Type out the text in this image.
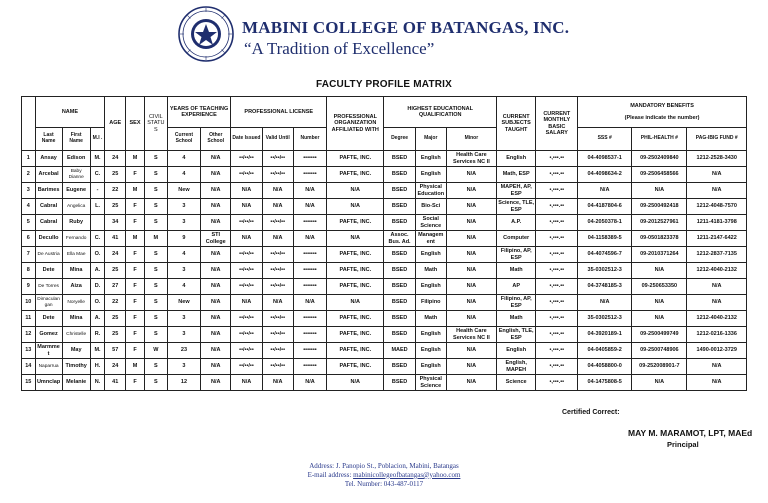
MABINI COLLEGE OF BATANGAS, INC.
“A Tradition of Excellence”
FACULTY PROFILE MATRIX
	NAME			AGE	SEX	CIVIL STATUS	YEARS OF TEACHING EXPERIENCE		PROFESSIONAL LICENSE			PROFESSIONAL ORGANIZATION AFFILIATED WITH	HIGHEST EDUCATIONAL QUALIFICATION			CURRENT SUBJECTS TAUGHT	CURRENT MONTHLY BASIC SALARY	MANDATORY BENEFITS
(Please indicate the number)		

	Last Name	First Name	M.I .				Current School	Other School	Date Issued	Valid Until	Number		Degree	Major	Minor			SSS #	PHIL-HEALTH #	PAG-IBIG FUND #
1	Ansay	Edison	M.	24	M	S	4	N/A	••/••/••	••/••/••	•••••••	PAFTE, INC.	BSED	English	Health Care Services NC II	English	•,•••.••	04-4098537-1	09-2502409840	1212-2528-3430
2	Arcebal	Baby Dianne	C.	25	F	S	4	N/A	••/••/••	••/••/••	•••••••	PAFTE, INC.	BSED	English	N/A	Math, ESP	•,•••.••	04-4098634-2	09-2506458566	N/A
3	Barimes	Eugene	-	22	M	S	New	N/A	N/A	N/A	N/A	N/A	BSED	Physical Education	N/A	MAPEH, AP, ESP	•,•••.••	N/A	N/A	N/A
4	Cabral	Angelica	L.	25	F	S	3	N/A	N/A	N/A	N/A	N/A	BSED	Bio-Sci	N/A	Science, TLE, ESP	•,•••.••	04-4187804-6	09-2500492418	1212-4048-7570
5	Cabral	Ruby		34	F	S	3	N/A	••/••/••	••/••/••	•••••••	PAFTE, INC.	BSED	Social Science	N/A	A.P.	•,•••.••	04-2050378-1	09-2012527961	1211-4181-3798
6	Decullo	Fernando	C.	41	M	M	9	STI College	N/A	N/A	N/A	N/A	Assoc. Bus. Ad.	Management	N/A	Computer	•,•••.••	04-1158389-5	09-0501823378	1211-2147-6422
7	De Austria	Ella Mae	O.	24	F	S	4	N/A	••/••/••	••/••/••	•••••••	PAFTE, INC.	BSED	English	N/A	Filipino, AP, ESP	•,•••.••	04-4074596-7	09-2010371264	1212-2837-7135
8	Dete	Mina	A.	25	F	S	3	N/A	••/••/••	••/••/••	•••••••	PAFTE, INC.	BSED	Math	N/A	Math	•,•••.••	35-0302512-3	N/A	1212-4040-2132
9	De Torres	Aiza	D.	27	F	S	4	N/A	••/••/••	••/••/••	•••••••	PAFTE, INC.	BSED	English	N/A	AP	•,•••.••	04-3748185-3	09-250653350	N/A
10	Dimaculangan	Noryelle	O.	22	F	S	New	N/A	N/A	N/A	N/A	N/A	BSED	Filipino	N/A	Filipino, AP, ESP	•,•••.••	N/A	N/A	N/A
11	Dete	Mina	A.	25	F	S	3	N/A	••/••/••	••/••/••	•••••••	PAFTE, INC.	BSED	Math	N/A	Math	•,•••.••	35-0302512-3	N/A	1212-4040-2132
12	Gomez	Christelle	R.	25	F	S	3	N/A	••/••/••	••/••/••	•••••••	PAFTE, INC.	BSED	English	Health Care Services NC II	English, TLE, ESP	•,•••.••	04-3920189-1	09-2500499749	1212-0216-1336
13	Marmmet	May	M.	57	F	W	23	N/A	••/••/••	••/••/••	•••••••	PAFTE, INC.	MAED	English	N/A	English	•,•••.••	04-0405859-2	09-2500748906	1490-0012-3729
14	Naparrua	Timothy	H.	24	M	S	3	N/A	••/••/••	••/••/••	•••••••	PAFTE, INC.	BSED	English	N/A	English, MAPEH	•,•••.••	04-4058800-0	09-252008901-7	N/A
15	Umnclap	Melanie	N.	41	F	S	12	N/A	N/A	N/A	N/A	N/A	BSED	Physical Science	N/A	Science	•,•••.••	04-1475808-5	N/A	N/A
Certified Correct:
MAY M. MARAMOT, LPT, MAEd
Principal
Address: J. Panopio St., Poblacion, Mabini, Batangas
E-mail address: mabinicollegeofbatangas@yahoo.com
Tel. Number: 043-487-0117
